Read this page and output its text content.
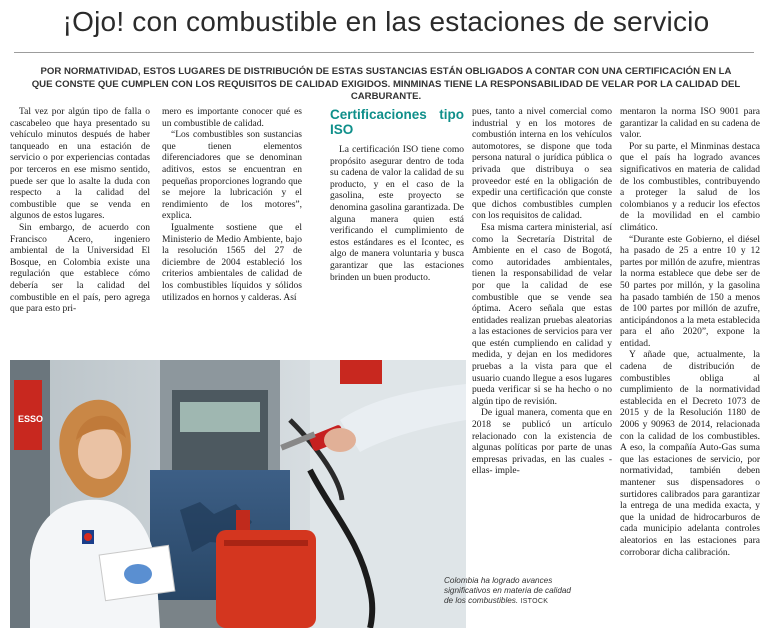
¡Ojo! con combustible en las estaciones de servicio
POR NORMATIVIDAD, ESTOS LUGARES DE DISTRIBUCIÓN DE ESTAS SUSTANCIAS ESTÁN OBLIGADOS A CONTAR CON UNA CERTIFICACIÓN EN LA QUE CONSTE QUE CUMPLEN CON LOS REQUISITOS DE CALIDAD EXIGIDOS. MINMINAS TIENE LA RESPONSABILIDAD DE VELAR POR LA CALIDAD DEL CARBURANTE.

Tal vez por algún tipo de falla o cascabeleo que haya presentado su vehículo minutos después de haber tanqueado en una estación de servicio o por experiencias contadas por terceros en ese mismo sentido, puede ser que lo asalte la duda con respecto a la calidad del combustible que se venda en algunos de estos lugares.

Sin embargo, de acuerdo con Francisco Acero, ingeniero ambiental de la Universidad El Bosque, en Colombia existe una regulación que establece cómo debería ser la calidad del combustible en el país, pero agrega que para esto pri-

mero es importante conocer qué es un combustible de calidad.

“Los combustibles son sustancias que tienen elementos diferenciadores que se denominan aditivos, estos se encuentran en pequeñas proporciones logrando que se mejore la lubricación y el rendimiento de los motores”, explica.

Igualmente sostiene que el Ministerio de Medio Ambiente, bajo la resolución 1565 del 27 de diciembre de 2004 estableció los criterios ambientales de calidad de los combustibles líquidos y sólidos utilizados en hornos y calderas. Así

Certificaciones tipo ISO

La certificación ISO tiene como propósito asegurar dentro de toda su cadena de valor la calidad de su producto, y en el caso de la gasolina, este proyecto se denomina gasolina garantizada. De alguna manera quien está verificando el cumplimiento de estos estándares es el Icontec, es algo de manera voluntaria y busca garantizar que las estaciones brinden un buen producto.

pues, tanto a nivel comercial como industrial y en los motores de combustión interna en los vehículos automotores, se dispone que toda persona natural o jurídica pública o privada que distribuya o sea proveedor esté en la obligación de expedir una certificación que conste que dichos combustibles cumplen con los requisitos de calidad.

Esa misma cartera ministerial, así como la Secretaría Distrital de Ambiente en el caso de Bogotá, como autoridades ambientales, tienen la responsabilidad de velar por que la calidad de ese combustible que se vende sea óptima. Acero señala que estas entidades realizan pruebas aleatorias a las estaciones de servicios para ver que estén cumpliendo en calidad y medida, y dejan en los medidores pruebas a la vista para que el usuario cuando llegue a esos lugares pueda verificar si se ha hecho o no algún tipo de revisión.

De igual manera, comenta que en 2018 se publicó un artículo relacionado con la existencia de algunas políticas por parte de unas empresas privadas, en las cuales -ellas- imple-

mentaron la norma ISO 9001 para garantizar la calidad en su cadena de valor.

Por su parte, el Minminas destaca que el país ha logrado avances significativos en materia de calidad de los combustibles, contribuyendo a proteger la salud de los colombianos y a reducir los efectos de la movilidad en el cambio climático.

“Durante este Gobierno, el diésel ha pasado de 25 a entre 10 y 12 partes por millón de azufre, mientras la norma establece que debe ser de 50 partes por millón, y la gasolina ha pasado también de 150 a menos de 100 partes por millón de azufre, anticipándonos a la meta establecida para el año 2020”, expone la entidad.

Y añade que, actualmente, la cadena de distribución de combustibles obliga al cumplimiento de la normatividad establecida en el Decreto 1073 de 2015 y de la Resolución 1180 de 2006 y 90963 de 2014, relacionada con la calidad de los combustibles. A eso, la compañía Auto-Gas suma que las estaciones de servicio, por normatividad, también deben mantener sus dispensadores o surtidores calibrados para garantizar la entrega de una medida exacta, y que la unidad de hidrocarburos de cada municipio adelanta controles aleatorios en las estaciones para corroborar dicha calibración.

ESSO
Colombia ha logrado avances significativos en materia de calidad de los combustibles. ISTOCK
